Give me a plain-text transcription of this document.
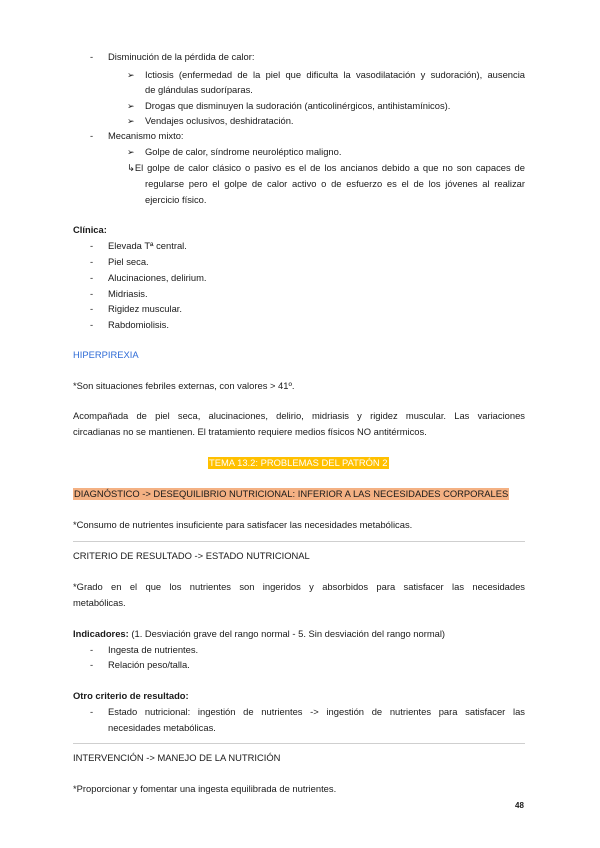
- Disminución de la pérdida de calor:
➢ Ictiosis (enfermedad de la piel que dificulta la vasodilatación y sudoración), ausencia
de glándulas sudoríparas.
➢ Drogas que disminuyen la sudoración (anticolinérgicos, antihistamínicos).
➢ Vendajes oclusivos, deshidratación.
- Mecanismo mixto:
➢ Golpe de calor, síndrome neuroléptico maligno.
↳El golpe de calor clásico o pasivo es el de los ancianos debido a que no son capaces de
regularse pero el golpe de calor activo o de esfuerzo es el de los jóvenes al realizar
ejercicio físico.
Clínica:
- Elevada Tª central.
- Piel seca.
- Alucinaciones, delirium.
- Midriasis.
- Rigidez muscular.
- Rabdomiolisis.
HIPERPIREXIA
*Son situaciones febriles externas, con valores > 41º.
Acompañada de piel seca, alucinaciones, delirio, midriasis y rigidez muscular. Las variaciones
circadianas no se mantienen. El tratamiento requiere medios físicos NO antitérmicos.
TEMA 13.2: PROBLEMAS DEL PATRÓN 2
DIAGNÓSTICO -> DESEQUILIBRIO NUTRICIONAL: INFERIOR A LAS NECESIDADES CORPORALES
*Consumo de nutrientes insuficiente para satisfacer las necesidades metabólicas.
CRITERIO DE RESULTADO -> ESTADO NUTRICIONAL
*Grado en el que los nutrientes son ingeridos y absorbidos para satisfacer las necesidades
metabólicas.
Indicadores: (1. Desviación grave del rango normal - 5. Sin desviación del rango normal)
- Ingesta de nutrientes.
- Relación peso/talla.
Otro criterio de resultado:
- Estado nutricional: ingestión de nutrientes -> ingestión de nutrientes para satisfacer las
necesidades metabólicas.
INTERVENCIÓN -> MANEJO DE LA NUTRICIÓN
*Proporcionar y fomentar una ingesta equilibrada de nutrientes.
48
